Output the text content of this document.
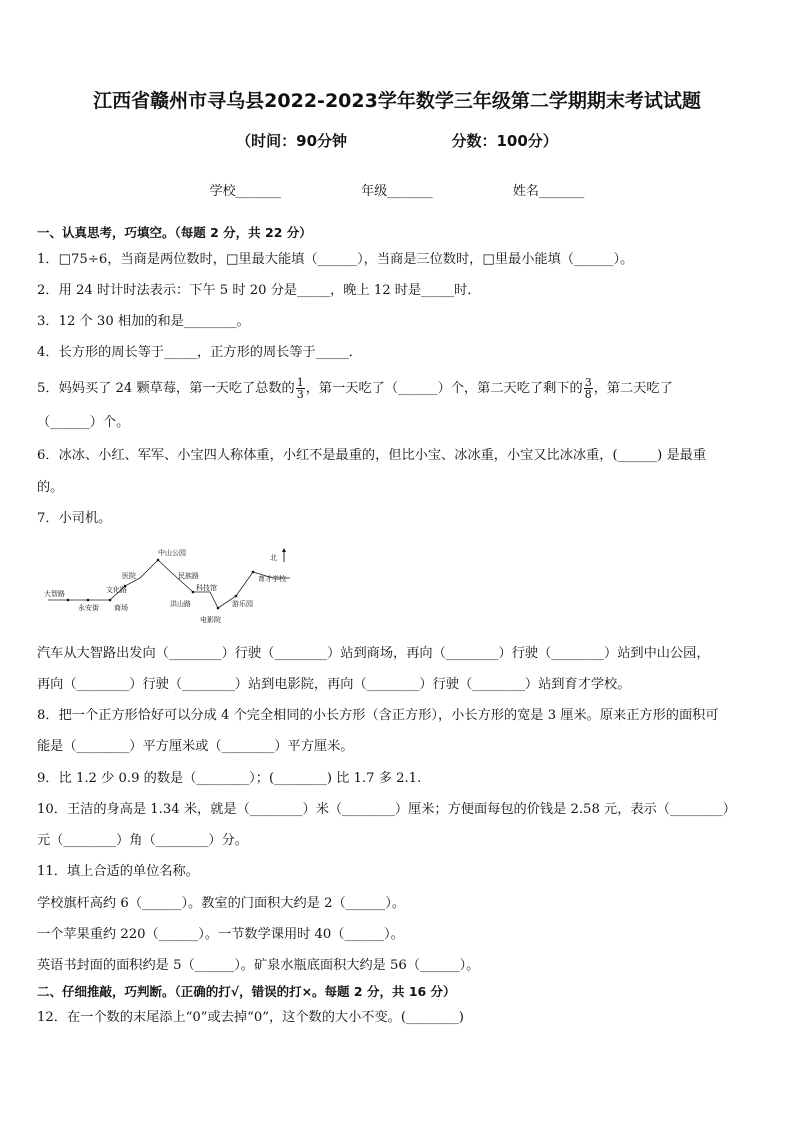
江西省赣州市寻乌县2022-2023学年数学三年级第二学期期末考试试题
（时间：90分钟                    分数：100分）
学校_______	年级_______	姓名_______
一、认真思考，巧填空。（每题 2 分，共 22 分）
1．□75÷6，当商是两位数时，□里最大能填（______），当商是三位数时，□里最小能填（______）。
2．用 24 时计时法表示：下午 5 时 20 分是_____，晚上 12 时是_____时．
3．12 个 30 相加的和是________。
4．长方形的周长等于_____，正方形的周长等于_____．
5．妈妈买了 24 颗草莓，第一天吃了总数的 $\frac{1}{3}$ ，第一天吃了（______）个，第二天吃了剩下的 $\frac{3}{8}$ ，第二天吃了
（______）个。
6．冰冰、小红、军军、小宝四人称体重，小红不是最重的，但比小宝、冰冰重，小宝又比冰冰重，(______) 是最重
的。
7．小司机。
大智路
永安街 商场
文化路
医院
中山公园
民族路
洪山路
科技馆
电影院
游乐园
育才学校
北
汽车从大智路出发向（________）行驶（________）站到商场，再向（________）行驶（________）站到中山公园，
再向（________）行驶（________）站到电影院，再向（________）行驶（________）站到育才学校。
8．把一个正方形恰好可以分成 4 个完全相同的小长方形（含正方形），小长方形的宽是 3 厘米。原来正方形的面积可
能是（________）平方厘米或（________）平方厘米。
9．比 1.2 少 0.9 的数是（________）；(________) 比 1.7 多 2.1.
10．王洁的身高是 1.34 米，就是（________）米（________）厘米；方便面每包的价钱是 2.58 元，表示（________）
元（________）角（________）分。
11．填上合适的单位名称。
学校旗杆高约 6（______）。教室的门面积大约是 2（______）。
一个苹果重约 220（______）。一节数学课用时 40（______）。
英语书封面的面积约是 5（______）。矿泉水瓶底面积大约是 56（______）。
二、仔细推敲，巧判断。（正确的打√，错误的打×。每题 2 分，共 16 分）
12．在一个数的末尾添上“0”或去掉“0”，这个数的大小不变。(________)
